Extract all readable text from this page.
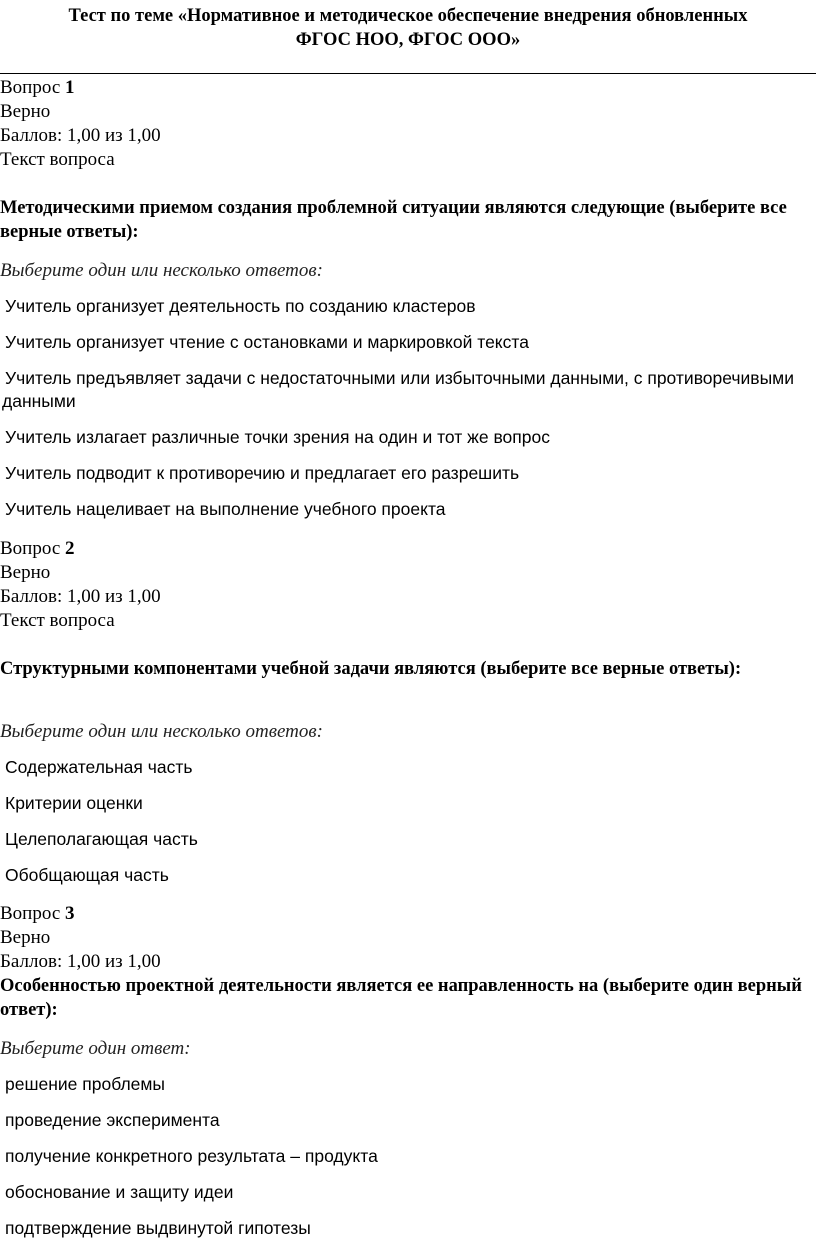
Тест по теме «Нормативное и методическое обеспечение внедрения обновленных
ФГОС НОО, ФГОС ООО»
Вопрос 1
Верно
Баллов: 1,00 из 1,00
Текст вопроса
Методическими приемом создания проблемной ситуации являются следующие (выберите все верные ответы):
Выберите один или несколько ответов:
Учитель организует деятельность по созданию кластеров
Учитель организует чтение с остановками и маркировкой текста
Учитель предъявляет задачи с недостаточными или избыточными данными, с противоречивыми данными
Учитель излагает различные точки зрения на один и тот же вопрос
Учитель подводит к противоречию и предлагает его разрешить
Учитель нацеливает на выполнение учебного проекта
Вопрос 2
Верно
Баллов: 1,00 из 1,00
Текст вопроса
Структурными компонентами учебной задачи являются (выберите все верные ответы):
Выберите один или несколько ответов:
Содержательная часть
Критерии оценки
Целеполагающая часть
Обобщающая часть
Вопрос 3
Верно
Баллов: 1,00 из 1,00
Особенностью проектной деятельности является ее направленность на (выберите один верный ответ):
Выберите один ответ:
решение проблемы
проведение эксперимента
получение конкретного результата – продукта
обоснование и защиту идеи
подтверждение выдвинутой гипотезы
